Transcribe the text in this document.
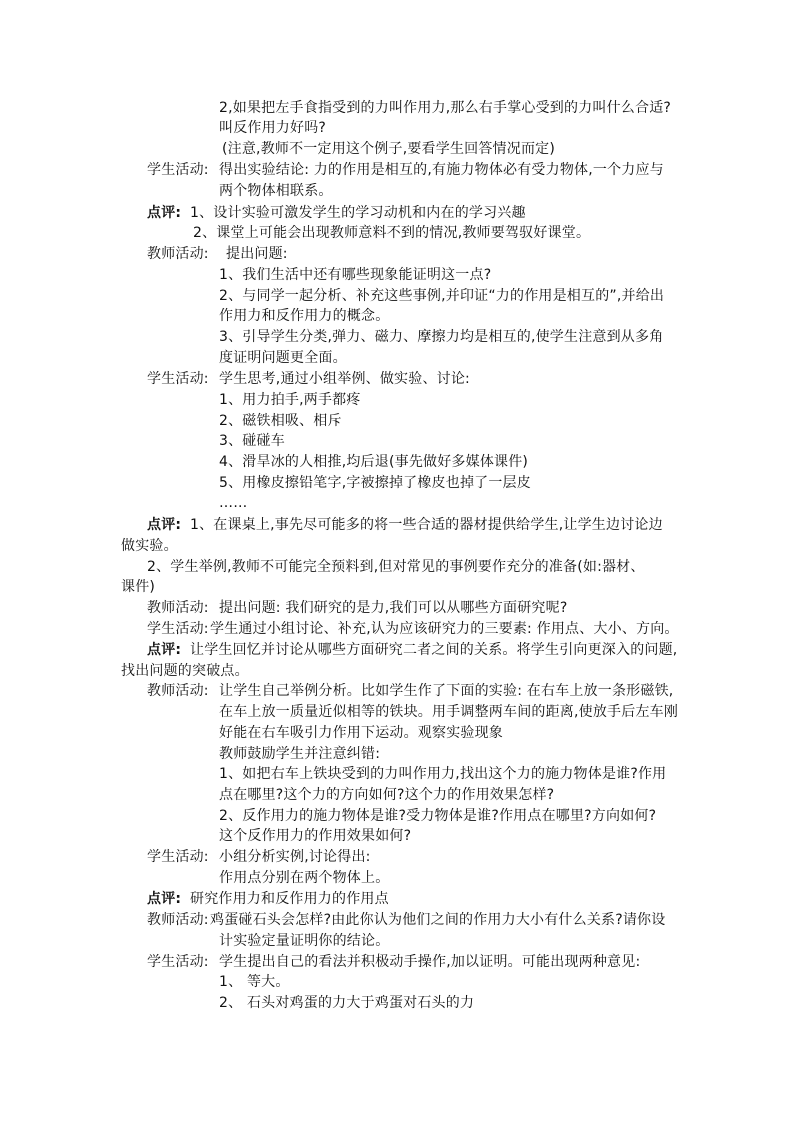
2,如果把左手食指受到的力叫作用力,那么右手掌心受到的力叫什么合适?
叫反作用力好吗?
(注意,教师不一定用这个例子,要看学生回答情况而定)
学生活动: 得出实验结论: 力的作用是相互的,有施力物体必有受力物体,一个力应与
两个物体相联系。
点评: 1、设计实验可激发学生的学习动机和内在的学习兴趣
2、课堂上可能会出现教师意料不到的情况,教师要驾驭好课堂。
教师活动: 提出问题:
1、我们生活中还有哪些现象能证明这一点?
2、与同学一起分析、补充这些事例,并印证“力的作用是相互的”,并给出
作用力和反作用力的概念。
3、引导学生分类,弹力、磁力、摩擦力均是相互的,使学生注意到从多角
度证明问题更全面。
学生活动: 学生思考,通过小组举例、做实验、讨论:
1、用力拍手,两手都疼
2、磁铁相吸、相斥
3、碰碰车
4、滑旱冰的人相推,均后退(事先做好多媒体课件)
5、用橡皮擦铅笔字,字被擦掉了橡皮也掉了一层皮
……
点评: 1、在课桌上,事先尽可能多的将一些合适的器材提供给学生,让学生边讨论边
做实验。
2、学生举例,教师不可能完全预料到,但对常见的事例要作充分的准备(如:器材、
课件)
教师活动: 提出问题: 我们研究的是力,我们可以从哪些方面研究呢?
学生活动: 学生通过小组讨论、补充,认为应该研究力的三要素: 作用点、大小、方向。
点评: 让学生回忆并讨论从哪些方面研究二者之间的关系。将学生引向更深入的问题,
找出问题的突破点。
教师活动: 让学生自己举例分析。比如学生作了下面的实验: 在右车上放一条形磁铁,
在车上放一质量近似相等的铁块。用手调整两车间的距离,使放手后左车刚
好能在右车吸引力作用下运动。观察实验现象
教师鼓励学生并注意纠错:
1、如把右车上铁块受到的力叫作用力,找出这个力的施力物体是谁?作用
点在哪里?这个力的方向如何?这个力的作用效果怎样?
2、反作用力的施力物体是谁?受力物体是谁?作用点在哪里?方向如何?
这个反作用力的作用效果如何?
学生活动: 小组分析实例,讨论得出:
作用点分别在两个物体上。
点评: 研究作用力和反作用力的作用点
教师活动: 鸡蛋碰石头会怎样?由此你认为他们之间的作用力大小有什么关系?请你设
计实验定量证明你的结论。
学生活动: 学生提出自己的看法并积极动手操作,加以证明。可能出现两种意见:
1、 等大。
2、 石头对鸡蛋的力大于鸡蛋对石头的力
